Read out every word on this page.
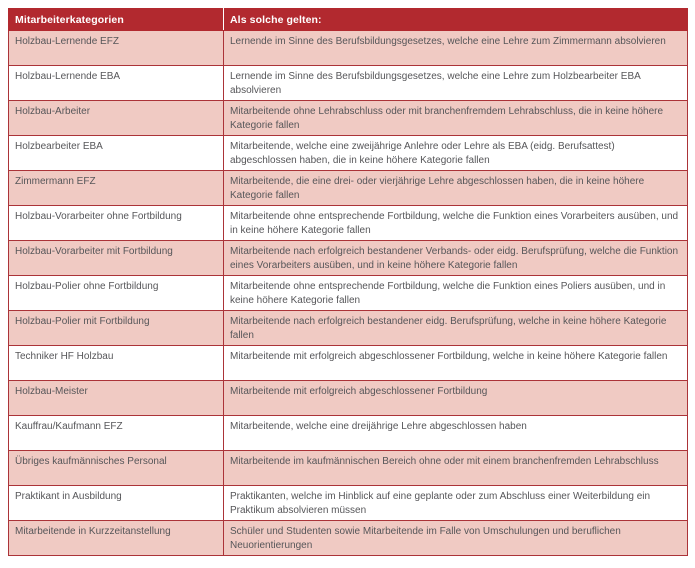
Mitarbeiterkategorien	Als solche gelten:
Holzbau-Lernende EFZ	Lernende im Sinne des Berufsbildungsgesetzes, welche eine Lehre zum Zimmermann absolvieren
Holzbau-Lernende EBA	Lernende im Sinne des Berufsbildungsgesetzes, welche eine Lehre zum Holzbearbeiter EBA absolvieren
Holzbau-Arbeiter	Mitarbeitende ohne Lehrabschluss oder mit branchenfremdem Lehrabschluss, die in keine höhere Kategorie fallen
Holzbearbeiter EBA	Mitarbeitende, welche eine zweijährige Anlehre oder Lehre als EBA (eidg. Berufsattest) abgeschlossen haben, die in keine höhere Kategorie fallen
Zimmermann EFZ	Mitarbeitende, die eine drei- oder vierjährige Lehre abgeschlossen haben, die in keine höhere Kategorie fallen
Holzbau-Vorarbeiter ohne Fortbildung	Mitarbeitende ohne entsprechende Fortbildung, welche die Funktion eines Vorarbeiters ausüben, und in keine höhere Kategorie fallen
Holzbau-Vorarbeiter mit Fortbildung	Mitarbeitende nach erfolgreich bestandener Verbands- oder eidg. Berufsprüfung, welche die Funktion eines Vorarbeiters ausüben, und in keine höhere Kategorie fallen
Holzbau-Polier ohne Fortbildung	Mitarbeitende ohne entsprechende Fortbildung, welche die Funktion eines Poliers ausüben, und in keine höhere Kategorie fallen
Holzbau-Polier mit Fortbildung	Mitarbeitende nach erfolgreich bestandener eidg. Berufsprüfung, welche in keine höhere Kategorie fallen
Techniker HF Holzbau	Mitarbeitende mit erfolgreich abgeschlossener Fortbildung, welche in keine höhere Kategorie fallen
Holzbau-Meister	Mitarbeitende mit erfolgreich abgeschlossener Fortbildung
Kauffrau/Kaufmann EFZ	Mitarbeitende, welche eine dreijährige Lehre abgeschlossen haben
Übriges kaufmännisches Personal	Mitarbeitende im kaufmännischen Bereich ohne oder mit einem branchenfremden Lehrabschluss
Praktikant in Ausbildung	Praktikanten, welche im Hinblick auf eine geplante oder zum Abschluss einer Weiterbildung ein Praktikum absolvieren müssen
Mitarbeitende in Kurzzeitanstellung	Schüler und Studenten sowie Mitarbeitende im Falle von Umschulungen und beruflichen Neuorientierungen
